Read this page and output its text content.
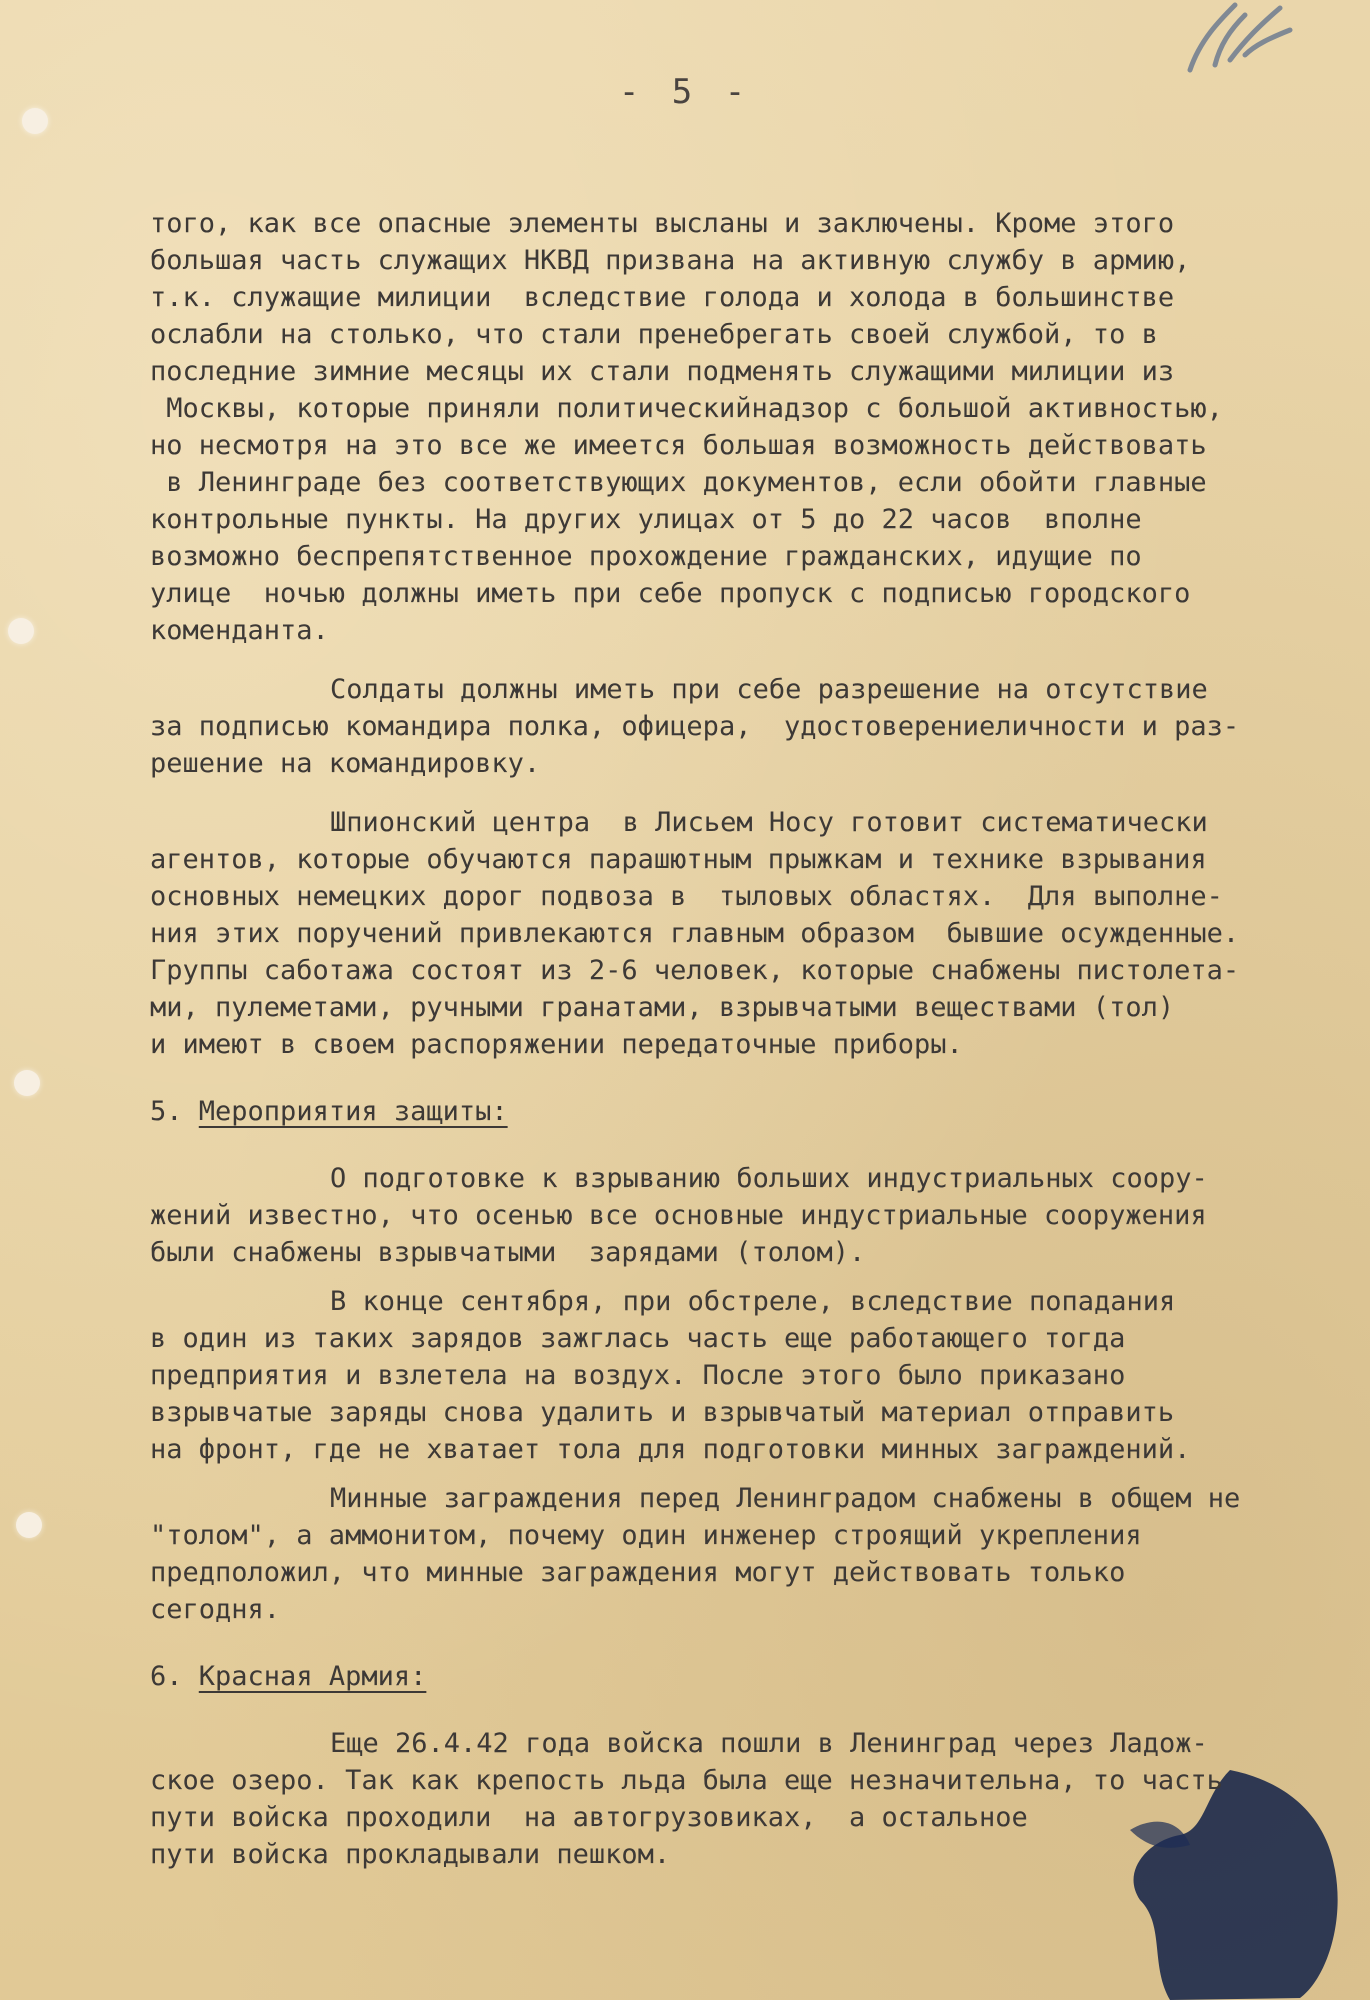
- 5 -

того, как все опасные элементы высланы и заключены. Кроме этого

большая часть служащих НКВД призвана на активную службу в армию,

т.к. служащие милиции  вследствие голода и холода в большинстве

ослабли на столько, что стали пренебрегать своей службой, то в

последние зимние месяцы их стали подменять служащими милиции из

Москвы, которые приняли политическийнадзор с большой активностью,

но несмотря на это все же имеется большая возможность действовать

в Ленинграде без соответствующих документов, если обойти главные

контрольные пункты. На других улицах от 5 до 22 часов  вполне

возможно беспрепятственное прохождение гражданских, идущие по

улице  ночью должны иметь при себе пропуск с подписью городского

коменданта.

Солдаты должны иметь при себе разрешение на отсутствие

за подписью командира полка, офицера,  удостоверениеличности и раз-

решение на командировку.

Шпионский центра  в Лисьем Носу готовит систематически

агентов, которые обучаются парашютным прыжкам и технике взрывания

основных немецких дорог подвоза в  тыловых областях.  Для выполне-

ния этих поручений привлекаются главным образом  бывшие осужденные.

Группы саботажа состоят из 2-6 человек, которые снабжены пистолета-

ми, пулеметами, ручными гранатами, взрывчатыми веществами (тол)

и имеют в своем распоряжении передаточные приборы.

5. Мероприятия защиты:

О подготовке к взрыванию больших индустриальных соору-

жений известно, что осенью все основные индустриальные сооружения

были снабжены взрывчатыми  зарядами (толом).

В конце сентября, при обстреле, вследствие попадания

в один из таких зарядов зажглась часть еще работающего тогда

предприятия и взлетела на воздух. После этого было приказано

взрывчатые заряды снова удалить и взрывчатый материал отправить

на фронт, где не хватает тола для подготовки минных заграждений.

Минные заграждения перед Ленинградом снабжены в общем не

"толом", а аммонитом, почему один инженер строящий укрепления

предположил, что минные заграждения могут действовать только

сегодня.

6. Красная Армия:

Еще 26.4.42 года войска пошли в Ленинград через Ладож-

ское озеро. Так как крепость льда была еще незначительна, то часть

пути войска проходили  на автогрузовиках,  а остальное

пути войска прокладывали пешком.
